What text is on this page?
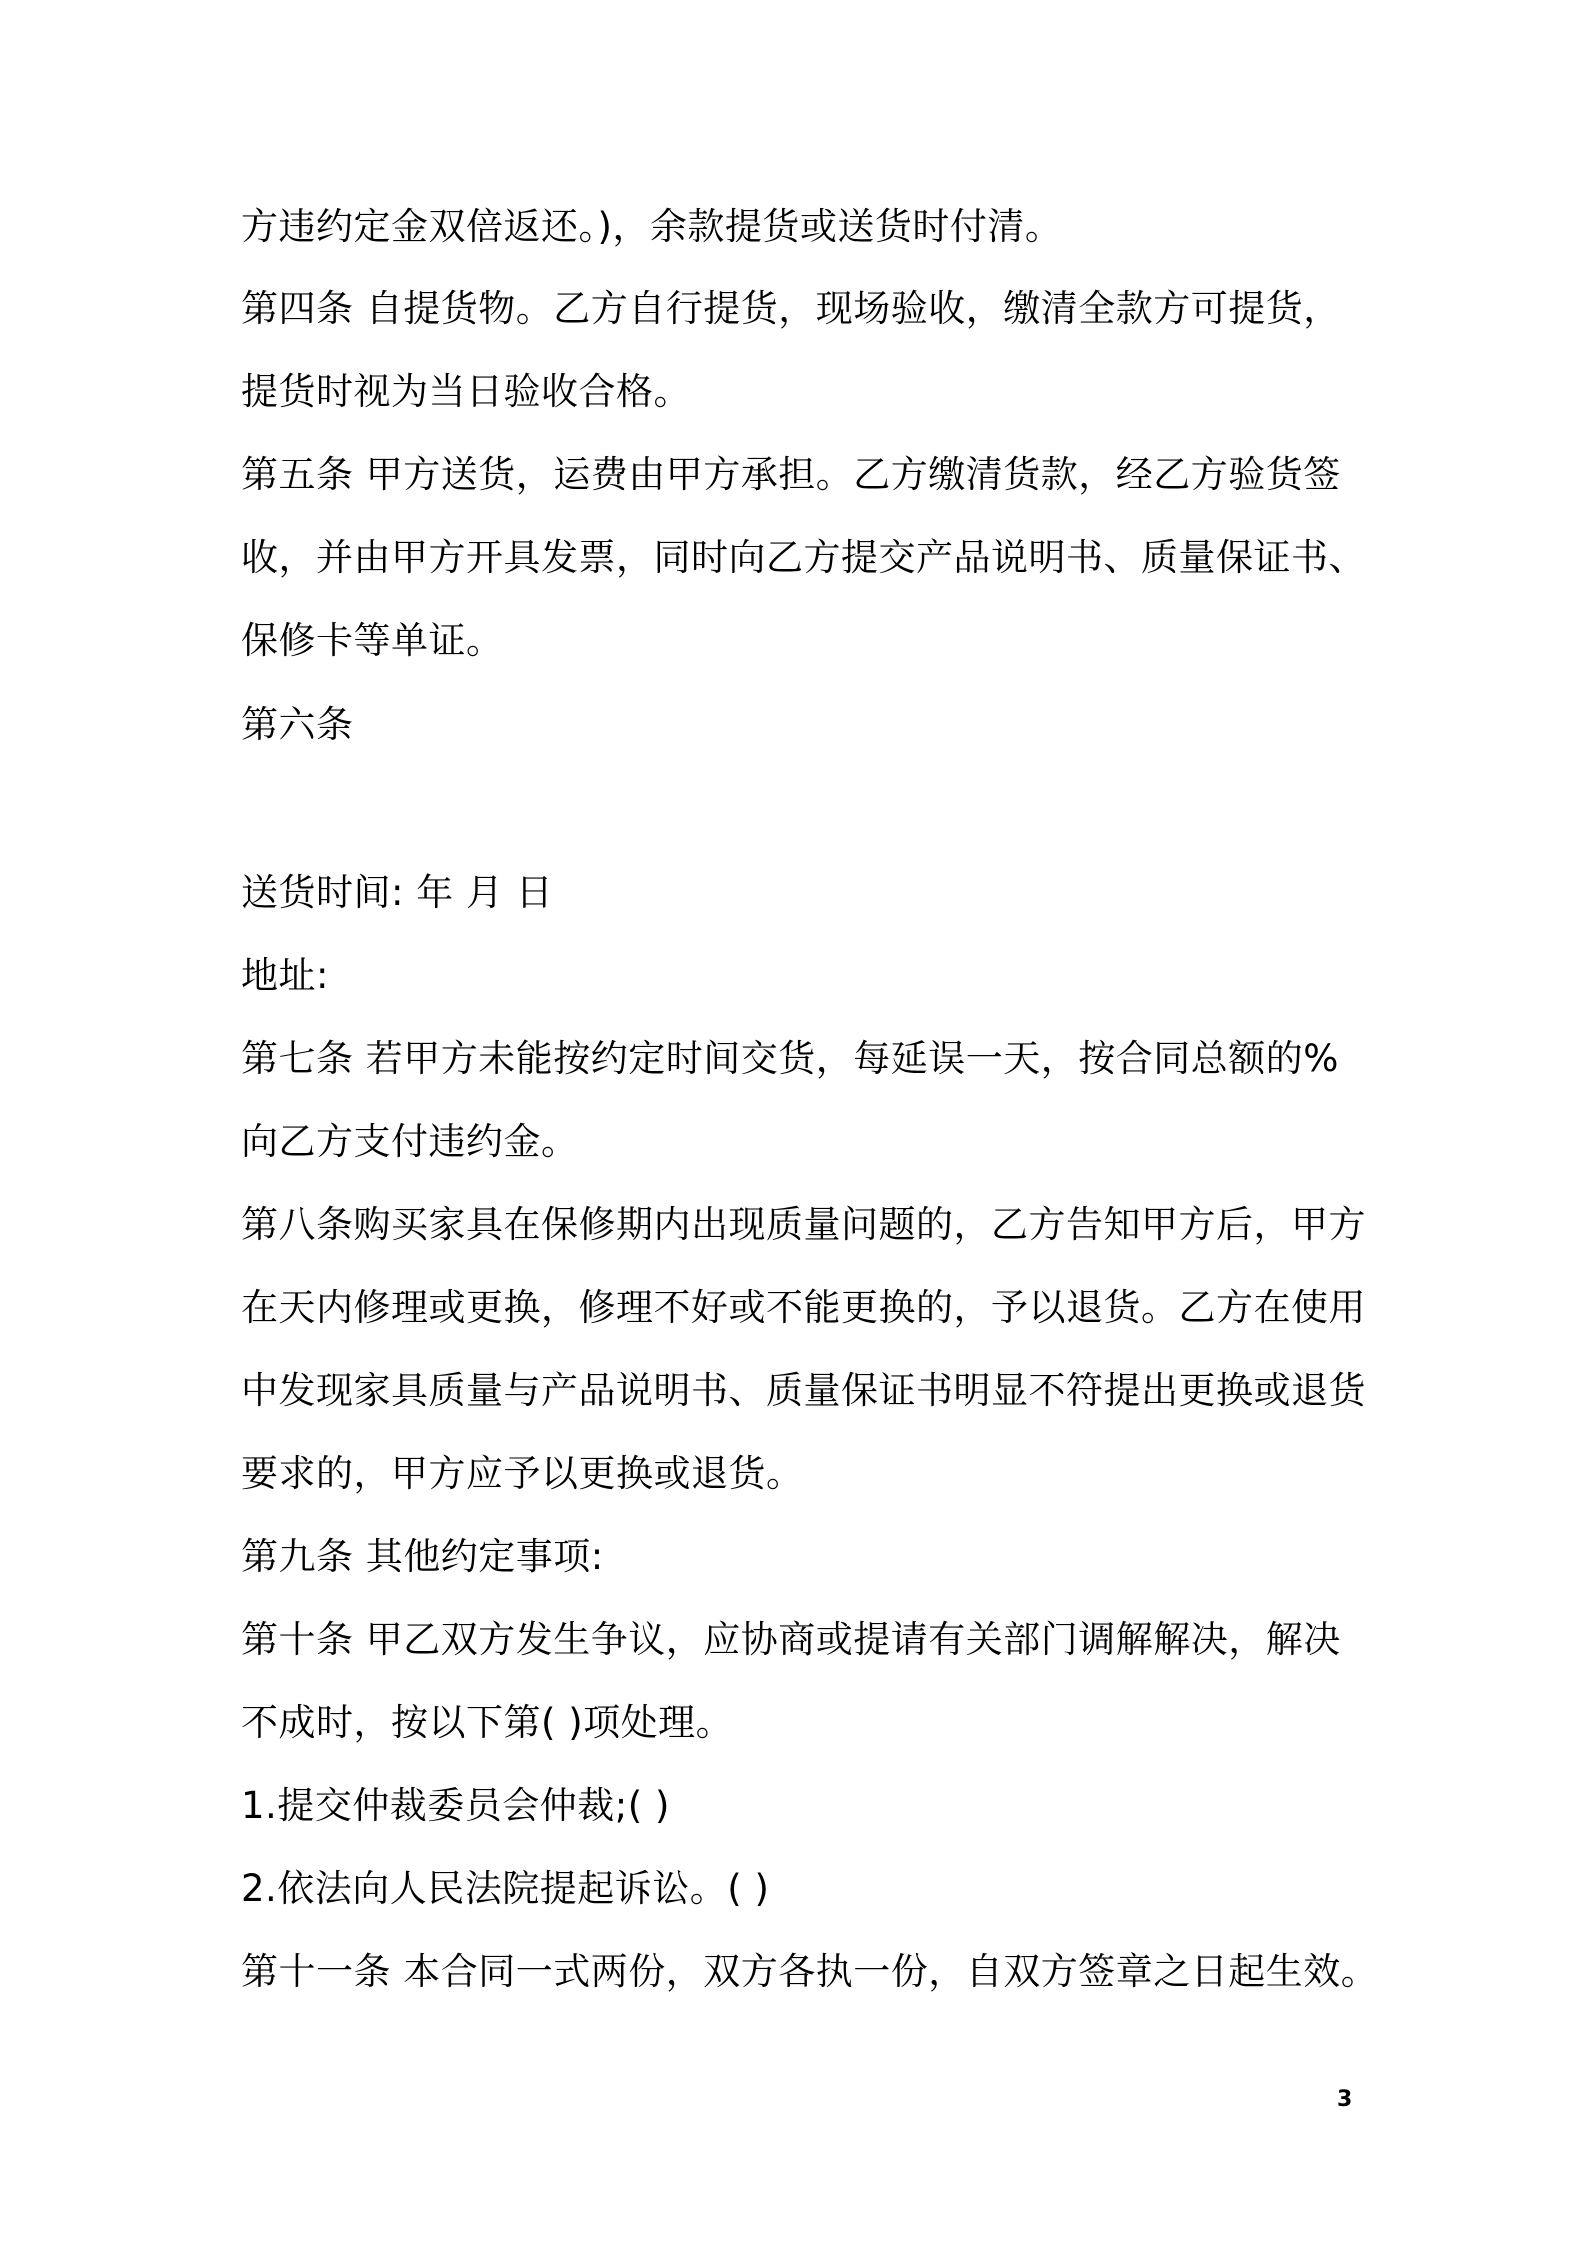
方违约定金双倍返还。)，余款提货或送货时付清。
第四条 自提货物。乙方自行提货，现场验收，缴清全款方可提货，
提货时视为当日验收合格。
第五条 甲方送货，运费由甲方承担。乙方缴清货款，经乙方验货签
收，并由甲方开具发票，同时向乙方提交产品说明书、质量保证书、
保修卡等单证。
第六条
送货时间: 年 月 日
地址:
第七条 若甲方未能按约定时间交货，每延误一天，按合同总额的%
向乙方支付违约金。
第八条购买家具在保修期内出现质量问题的，乙方告知甲方后，甲方
在天内修理或更换，修理不好或不能更换的，予以退货。乙方在使用
中发现家具质量与产品说明书、质量保证书明显不符提出更换或退货
要求的，甲方应予以更换或退货。
第九条 其他约定事项:
第十条 甲乙双方发生争议，应协商或提请有关部门调解解决，解决
不成时，按以下第( )项处理。
1.提交仲裁委员会仲裁;( )
2.依法向人民法院提起诉讼。( )
第十一条 本合同一式两份，双方各执一份，自双方签章之日起生效。
3
